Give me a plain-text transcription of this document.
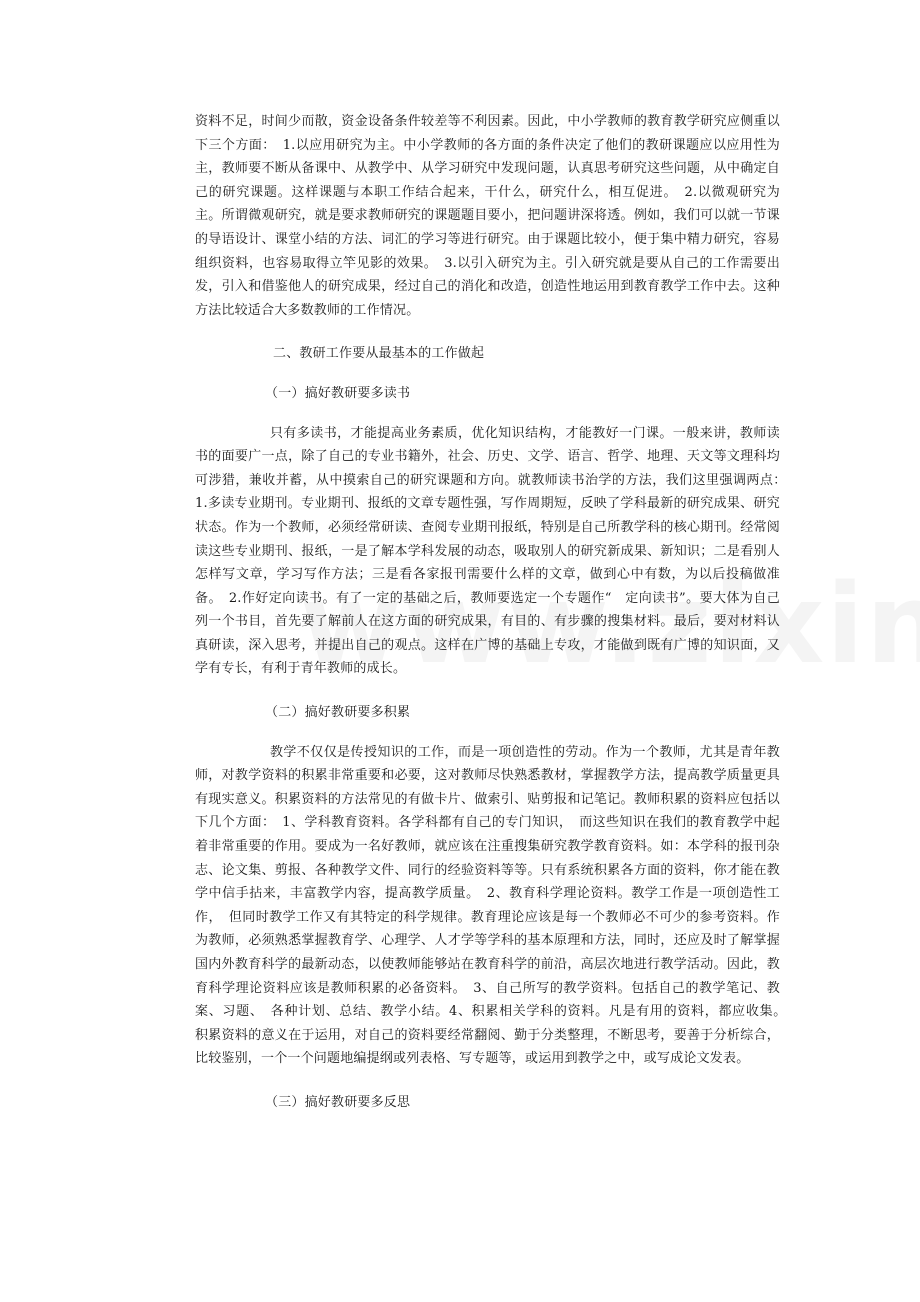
资料不足，时间少而散，资金设备条件较差等不利因素。因此，中小学教师的教育教学研究应侧重以下三个方面：　1.以应用研究为主。中小学教师的各方面的条件决定了他们的教研课题应以应用性为主，教师要不断从备课中、从教学中、从学习研究中发现问题，认真思考研究这些问题，从中确定自己的研究课题。这样课题与本职工作结合起来，干什么，研究什么，相互促进。　2.以微观研究为主。所谓微观研究，就是要求教师研究的课题题目要小，把问题讲深将透。例如，我们可以就一节课的导语设计、课堂小结的方法、词汇的学习等进行研究。由于课题比较小，便于集中精力研究，容易组织资料，也容易取得立竿见影的效果。　3.以引入研究为主。引入研究就是要从自己的工作需要出发，引入和借鉴他人的研究成果，经过自己的消化和改造，创造性地运用到教育教学工作中去。这种方法比较适合大多数教师的工作情况。

二、教研工作要从最基本的工作做起

（一）搞好教研要多读书

只有多读书，才能提高业务素质，优化知识结构，才能教好一门课。一般来讲，教师读书的面要广一点，除了自己的专业书籍外，社会、历史、文学、语言、哲学、地理、天文等文理科均可涉猎，兼收并蓄，从中摸索自己的研究课题和方向。就教师读书治学的方法，我们这里强调两点：　1.多读专业期刊。专业期刊、报纸的文章专题性强，写作周期短，反映了学科最新的研究成果、研究状态。作为一个教师，必须经常研读、查阅专业期刊报纸，特别是自己所教学科的核心期刊。经常阅读这些专业期刊、报纸，一是了解本学科发展的动态，吸取别人的研究新成果、新知识；二是看别人怎样写文章，学习写作方法；三是看各家报刊需要什么样的文章，做到心中有数，为以后投稿做准备。　2.作好定向读书。有了一定的基础之后，教师要选定一个专题作“　定向读书”。要大体为自己列一个书目，首先要了解前人在这方面的研究成果，有目的、有步骤的搜集材料。最后，要对材料认真研读，深入思考，并提出自己的观点。这样在广博的基础上专攻，才能做到既有广博的知识面，又学有专长，有利于青年教师的成长。

（二）搞好教研要多积累

教学不仅仅是传授知识的工作，而是一项创造性的劳动。作为一个教师，尤其是青年教师，对教学资料的积累非常重要和必要，这对教师尽快熟悉教材，掌握教学方法，提高教学质量更具有现实意义。积累资料的方法常见的有做卡片、做索引、贴剪报和记笔记。教师积累的资料应包括以下几个方面：　1、学科教育资料。各学科都有自己的专门知识，　而这些知识在我们的教育教学中起着非常重要的作用。要成为一名好教师，就应该在注重搜集研究教学教育资料。如：本学科的报刊杂志、论文集、剪报、各种教学文件、同行的经验资料等等。只有系统积累各方面的资料，你才能在教学中信手拈来，丰富教学内容，提高教学质量。　2、教育科学理论资料。教学工作是一项创造性工作，　但同时教学工作又有其特定的科学规律。教育理论应该是每一个教师必不可少的参考资料。作为教师，必须熟悉掌握教育学、心理学、人才学等学科的基本原理和方法，同时，还应及时了解掌握国内外教育科学的最新动态，以使教师能够站在教育科学的前沿，高层次地进行教学活动。因此，教育科学理论资料应该是教师积累的必备资料。　3、自己所写的教学资料。包括自己的教学笔记、教案、习题、　各种计划、总结、教学小结。4、积累相关学科的资料。凡是有用的资料，都应收集。　积累资料的意义在于运用，对自己的资料要经常翻阅、勤于分类整理，不断思考，要善于分析综合，比较鉴别，一个一个问题地编提纲或列表格、写专题等，或运用到教学之中，或写成论文发表。

（三）搞好教研要多反思
